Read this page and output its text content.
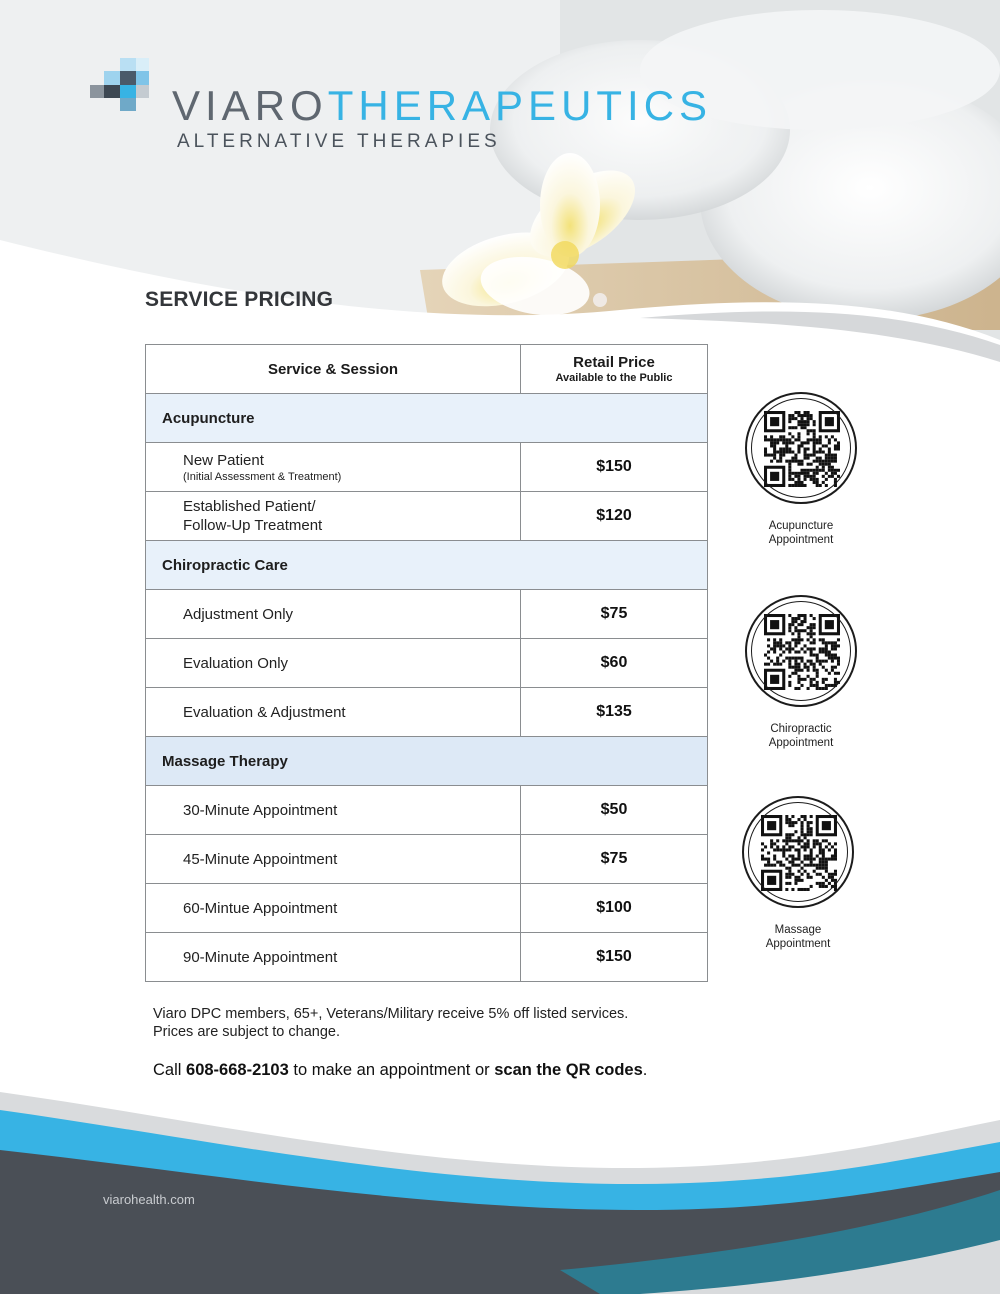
VIAROTHERAPEUTICS
ALTERNATIVE THERAPIES
SERVICE PRICING
Service & Session	Retail Price
Available to the Public

Acupuncture	
New Patient
(Initial Assessment & Treatment)	$150
Established Patient/
Follow-Up Treatment	$120
Chiropractic Care	
Adjustment Only	$75
Evaluation Only	$60
Evaluation & Adjustment	$135
Massage Therapy	
30-Minute Appointment	$50
45-Minute Appointment	$75
60-Mintue Appointment	$100
90-Minute Appointment	$150
Acupuncture
Appointment
Chiropractic
Appointment
Massage
Appointment
Viaro DPC members, 65+, Veterans/Military receive 5% off listed services.
Prices are subject to change.
Call 608-668-2103 to make an appointment or scan the QR codes.
viarohealth.com
